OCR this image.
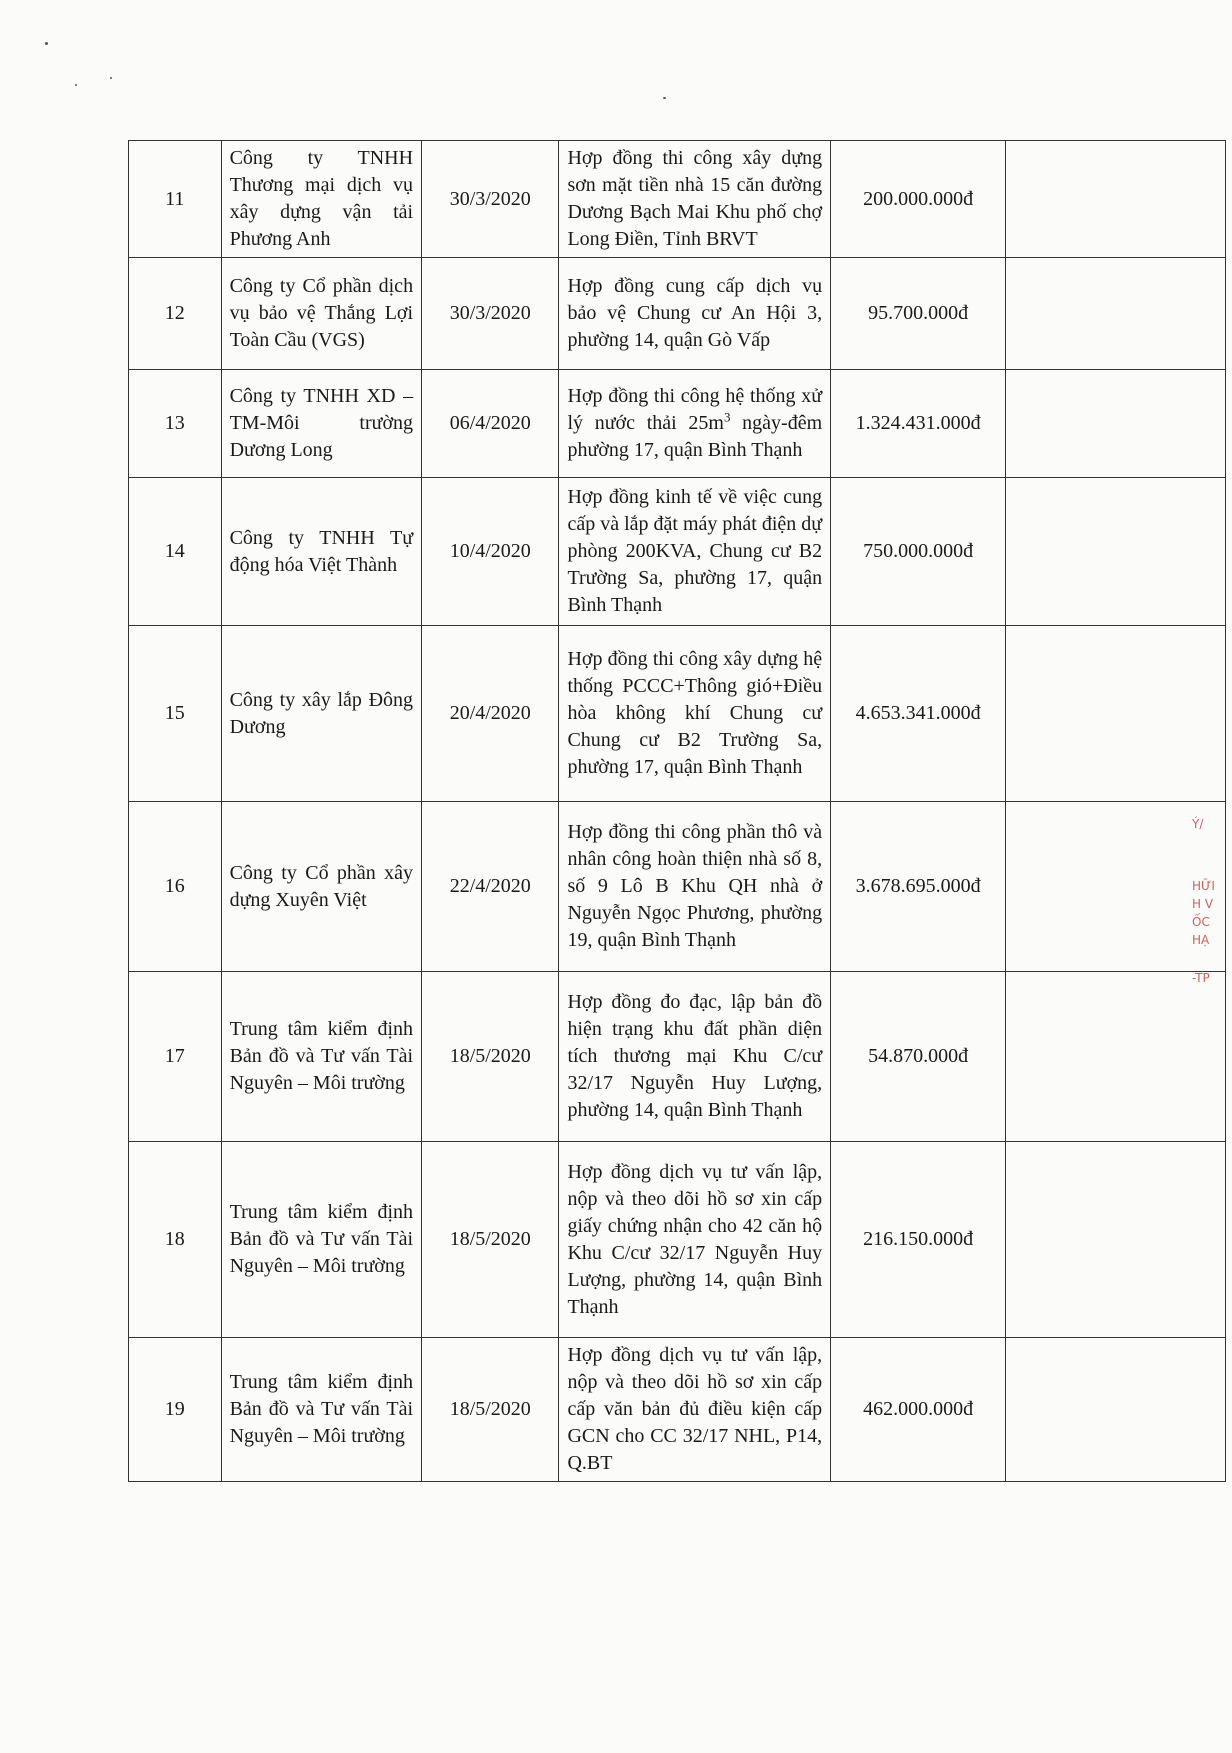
11	Công ty TNHH Thương mại dịch vụ xây dựng vận tải Phương Anh	30/3/2020	Hợp đồng thi công xây dựng sơn mặt tiền nhà 15 căn đường Dương Bạch Mai Khu phố chợ Long Điền, Tỉnh BRVT	200.000.000đ	
12	Công ty Cổ phần dịch vụ bảo vệ Thắng Lợi Toàn Cầu (VGS)	30/3/2020	Hợp đồng cung cấp dịch vụ bảo vệ Chung cư An Hội 3, phường 14, quận Gò Vấp	95.700.000đ	
13	Công ty TNHH XD – TM-Môi trường Dương Long	06/4/2020	Hợp đồng thi công hệ thống xử lý nước thải $25m^3$ ngày-đêm phường 17, quận Bình Thạnh	1.324.431.000đ	
14	Công ty TNHH Tự động hóa Việt Thành	10/4/2020	Hợp đồng kinh tế về việc cung cấp và lắp đặt máy phát điện dự phòng 200KVA, Chung cư B2 Trường Sa, phường 17, quận Bình Thạnh	750.000.000đ	
15	Công ty xây lắp Đông Dương	20/4/2020	Hợp đồng thi công xây dựng hệ thống PCCC+Thông gió+Điều hòa không khí Chung cư Chung cư B2 Trường Sa, phường 17, quận Bình Thạnh	4.653.341.000đ	
16	Công ty Cổ phần xây dựng Xuyên Việt	22/4/2020	Hợp đồng thi công phần thô và nhân công hoàn thiện nhà số 8, số 9 Lô B Khu QH nhà ở Nguyễn Ngọc Phương, phường 19, quận Bình Thạnh	3.678.695.000đ	
17	Trung tâm kiểm định Bản đồ và Tư vấn Tài Nguyên – Môi trường	18/5/2020	Hợp đồng đo đạc, lập bản đồ hiện trạng khu đất phần diện tích thương mại Khu C/cư 32/17 Nguyễn Huy Lượng, phường 14, quận Bình Thạnh	54.870.000đ	
18	Trung tâm kiểm định Bản đồ và Tư vấn Tài Nguyên – Môi trường	18/5/2020	Hợp đồng dịch vụ tư vấn lập, nộp và theo dõi hồ sơ xin cấp giấy chứng nhận cho 42 căn hộ Khu C/cư 32/17 Nguyễn Huy Lượng, phường 14, quận Bình Thạnh	216.150.000đ	
19	Trung tâm kiểm định Bản đồ và Tư vấn Tài Nguyên – Môi trường	18/5/2020	Hợp đồng dịch vụ tư vấn lập, nộp và theo dõi hồ sơ xin cấp cấp văn bản đủ điều kiện cấp GCN cho CC 32/17 NHL, P14, Q.BT	462.000.000đ	
Ý/
HỮI
H V
ỐC
HẠ
-TP
